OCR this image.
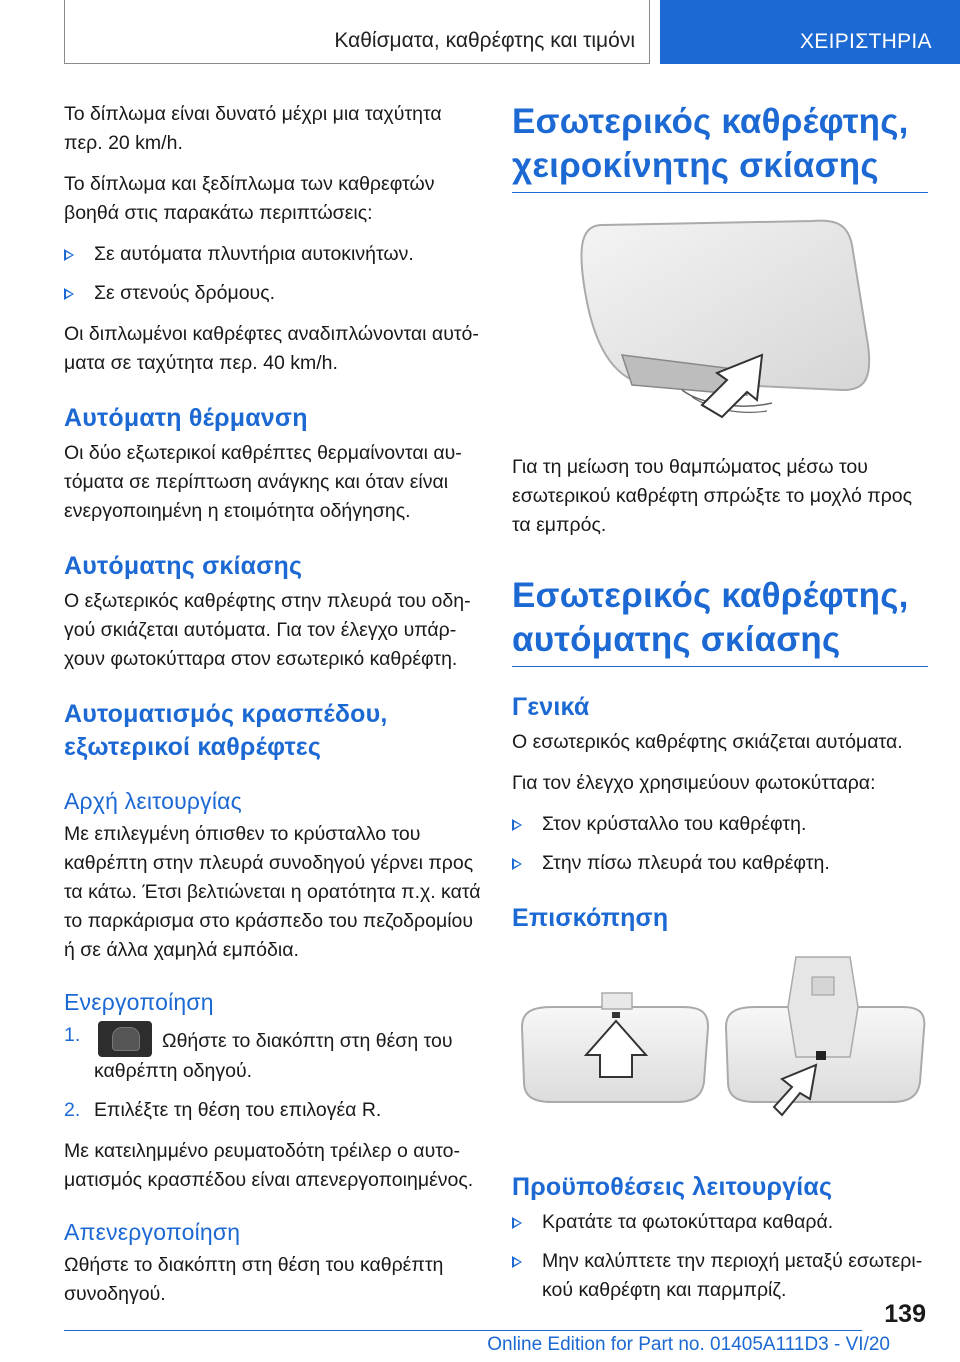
Καθίσματα, καθρέφτης και τιμόνι	ΧΕΙΡΙΣΤΗΡΙΑ

Το δίπλωμα είναι δυνατό μέχρι μια ταχύτητα περ. 20 km/h.

Το δίπλωμα και ξεδίπλωμα των καθρεφτών βοηθά στις παρακάτω περιπτώσεις:

Σε αυτόματα πλυντήρια αυτοκινήτων.
Σε στενούς δρόμους.

Οι διπλωμένοι καθρέφτες αναδιπλώνονται αυτόματα σε ταχύτητα περ. 40 km/h.

Αυτόματη θέρμανση

Οι δύο εξωτερικοί καθρέπτες θερμαίνονται αυτόματα σε περίπτωση ανάγκης και όταν είναι ενεργοποιημένη η ετοιμότητα οδήγησης.

Αυτόματης σκίασης

Ο εξωτερικός καθρέφτης στην πλευρά του οδηγού σκιάζεται αυτόματα. Για τον έλεγχο υπάρχουν φωτοκύτταρα στον εσωτερικό καθρέφτη.

Αυτοματισμός κρασπέδου, εξωτερικοί καθρέφτες
Αρχή λειτουργίας

Με επιλεγμένη όπισθεν το κρύσταλλο του καθρέπτη στην πλευρά συνοδηγού γέρνει προς τα κάτω. Έτσι βελτιώνεται η ορατότητα π.χ. κατά το παρκάρισμα στο κράσπεδο του πεζοδρομίου ή σε άλλα χαμηλά εμπόδια.

Ενεργοποίηση
1.	Ωθήστε το διακόπτη στη θέση του καθρέπτη οδηγού.
2. Επιλέξτε τη θέση του επιλογέα R.

Με κατειλημμένο ρευματοδότη τρέιλερ ο αυτοματισμός κρασπέδου είναι απενεργοποιημένος.

Απενεργοποίηση

Ωθήστε το διακόπτη στη θέση του καθρέπτη συνοδηγού.

Εσωτερικός καθρέφτης, χειροκίνητης σκίασης

Για τη μείωση του θαμπώματος μέσω του εσωτερικού καθρέφτη σπρώξτε το μοχλό προς τα εμπρός.

Εσωτερικός καθρέφτης, αυτόματης σκίασης
Γενικά

Ο εσωτερικός καθρέφτης σκιάζεται αυτόματα.

Για τον έλεγχο χρησιμεύουν φωτοκύτταρα:

Στον κρύσταλλο του καθρέφτη.
Στην πίσω πλευρά του καθρέφτη.
Επισκόπηση
Προϋποθέσεις λειτουργίας
Κρατάτε τα φωτοκύτταρα καθαρά.
Μην καλύπτετε την περιοχή μεταξύ εσωτερικού καθρέφτη και παρμπρίζ.
139
Online Edition for Part no. 01405A111D3 - VI/20
